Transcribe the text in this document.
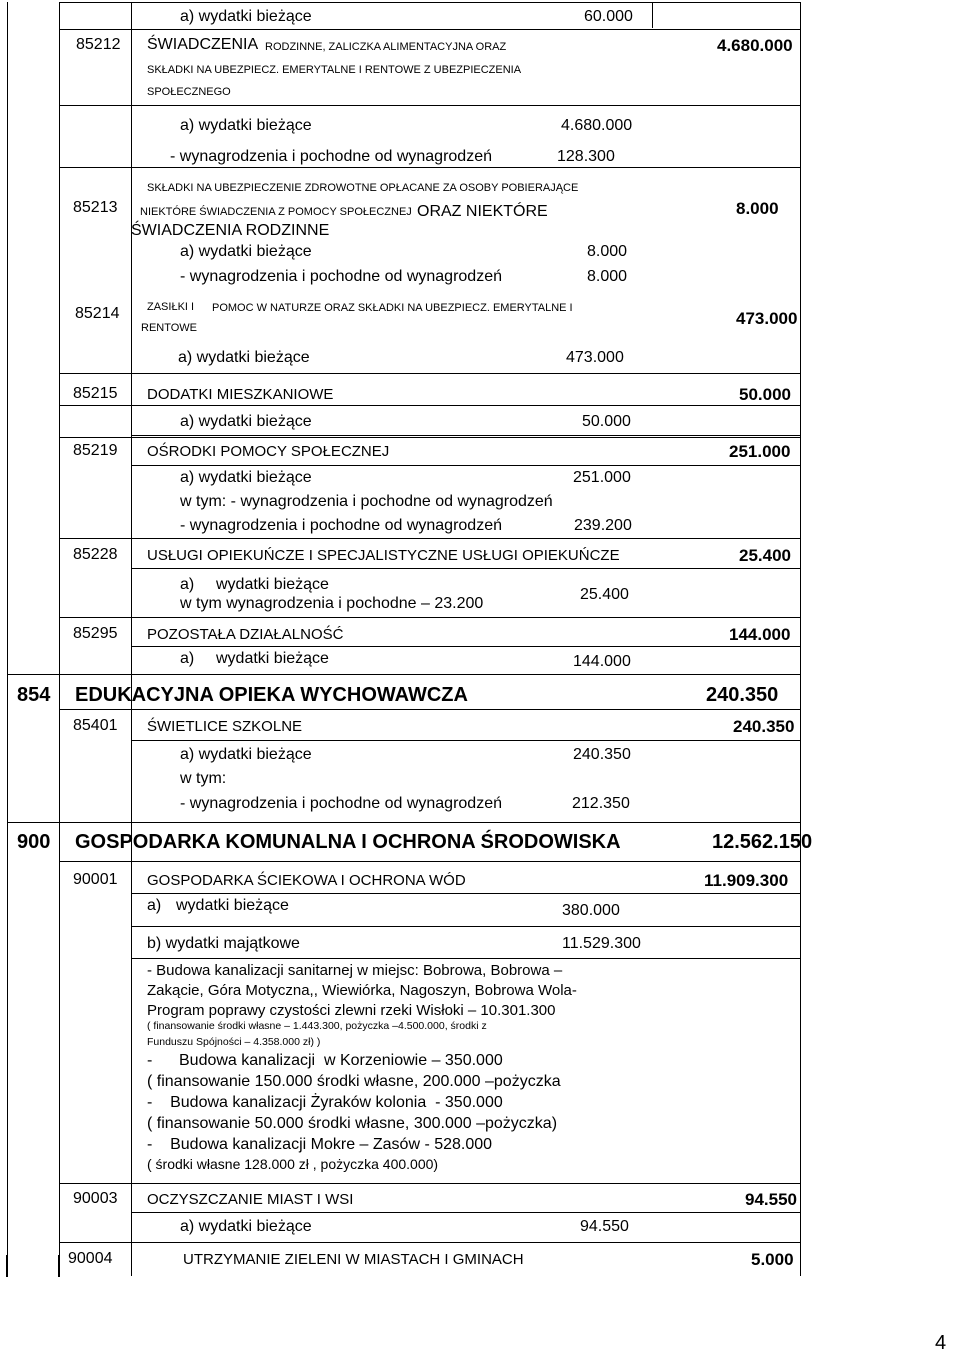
a) wydatki bieżące	60.000
85212 ŚWIADCZENIA RODZINNE, ZALICZKA ALIMENTACYJNA ORAZ
SKŁADKI NA UBEZPIECZ. EMERYTALNE I RENTOWE Z UBEZPIECZENIA
SPOŁECZNEGO
4.680.000
a) wydatki bieżące	4.680.000
- wynagrodzenia i pochodne od wynagrodzeń	128.300
85213
SKŁADKI NA UBEZPIECZENIE ZDROWOTNE OPŁACANE ZA OSOBY POBIERAJĄCE
NIEKTÓRE ŚWIADCZENIA Z POMOCY SPOŁECZNEJ ORAZ NIEKTÓRE
ŚWIADCZENIA RODZINNE
8.000
a) wydatki bieżące	8.000
- wynagrodzenia i pochodne od wynagrodzeń	8.000
85214	ZASIŁKI I POMOC W NATURZE ORAZ SKŁADKI NA UBEZPIECZ. EMERYTALNE I
RENTOWE	473.000
a) wydatki bieżące	473.000
85215 DODATKI MIESZKANIOWE	50.000
a) wydatki bieżące	50.000
85219 OŚRODKI POMOCY SPOŁECZNEJ	251.000
a) wydatki bieżące	251.000
w tym: - wynagrodzenia i pochodne od wynagrodzeń
- wynagrodzenia i pochodne od wynagrodzeń	239.200
85228 USŁUGI OPIEKUŃCZE I SPECJALISTYCZNE USŁUGI OPIEKUŃCZE	25.400
a) wydatki bieżące
w tym wynagrodzenia i pochodne – 23.200
25.400
85295 POZOSTAŁA DZIAŁALNOŚĆ	144.000
a) wydatki bieżące	144.000
854 EDUKACYJNA OPIEKA WYCHOWAWCZA	240.350
85401 ŚWIETLICE SZKOLNE	240.350
a) wydatki bieżące	240.350
w tym:
- wynagrodzenia i pochodne od wynagrodzeń	212.350
900 GOSPODARKA KOMUNALNA I OCHRONA ŚRODOWISKA	12.562.150
90001 GOSPODARKA ŚCIEKOWA I OCHRONA WÓD	11.909.300
a) wydatki bieżące	380.000
b) wydatki majątkowe	11.529.300
- Budowa kanalizacji sanitarnej w miejsc: Bobrowa, Bobrowa –
Zakącie, Góra Motyczna,, Wiewiórka, Nagoszyn, Bobrowa Wola-
Program poprawy czystości zlewni rzeki Wisłoki – 10.301.300
( finansowanie środki własne – 1.443.300, pożyczka –4.500.000, środki z
Funduszu Spójności – 4.358.000 zł) )
-      Budowa kanalizacji  w Korzeniowie – 350.000
( finansowanie 150.000 środki własne, 200.000 –pożyczka
-    Budowa kanalizacji Żyraków kolonia  - 350.000
( finansowanie 50.000 środki własne, 300.000 –pożyczka)
-    Budowa kanalizacji Mokre – Zasów - 528.000
( środki własne 128.000 zł , pożyczka 400.000)
90003 OCZYSZCZANIE MIAST I WSI	94.550
a) wydatki bieżące	94.550
90004	UTRZYMANIE ZIELENI W MIASTACH I GMINACH	5.000
4
